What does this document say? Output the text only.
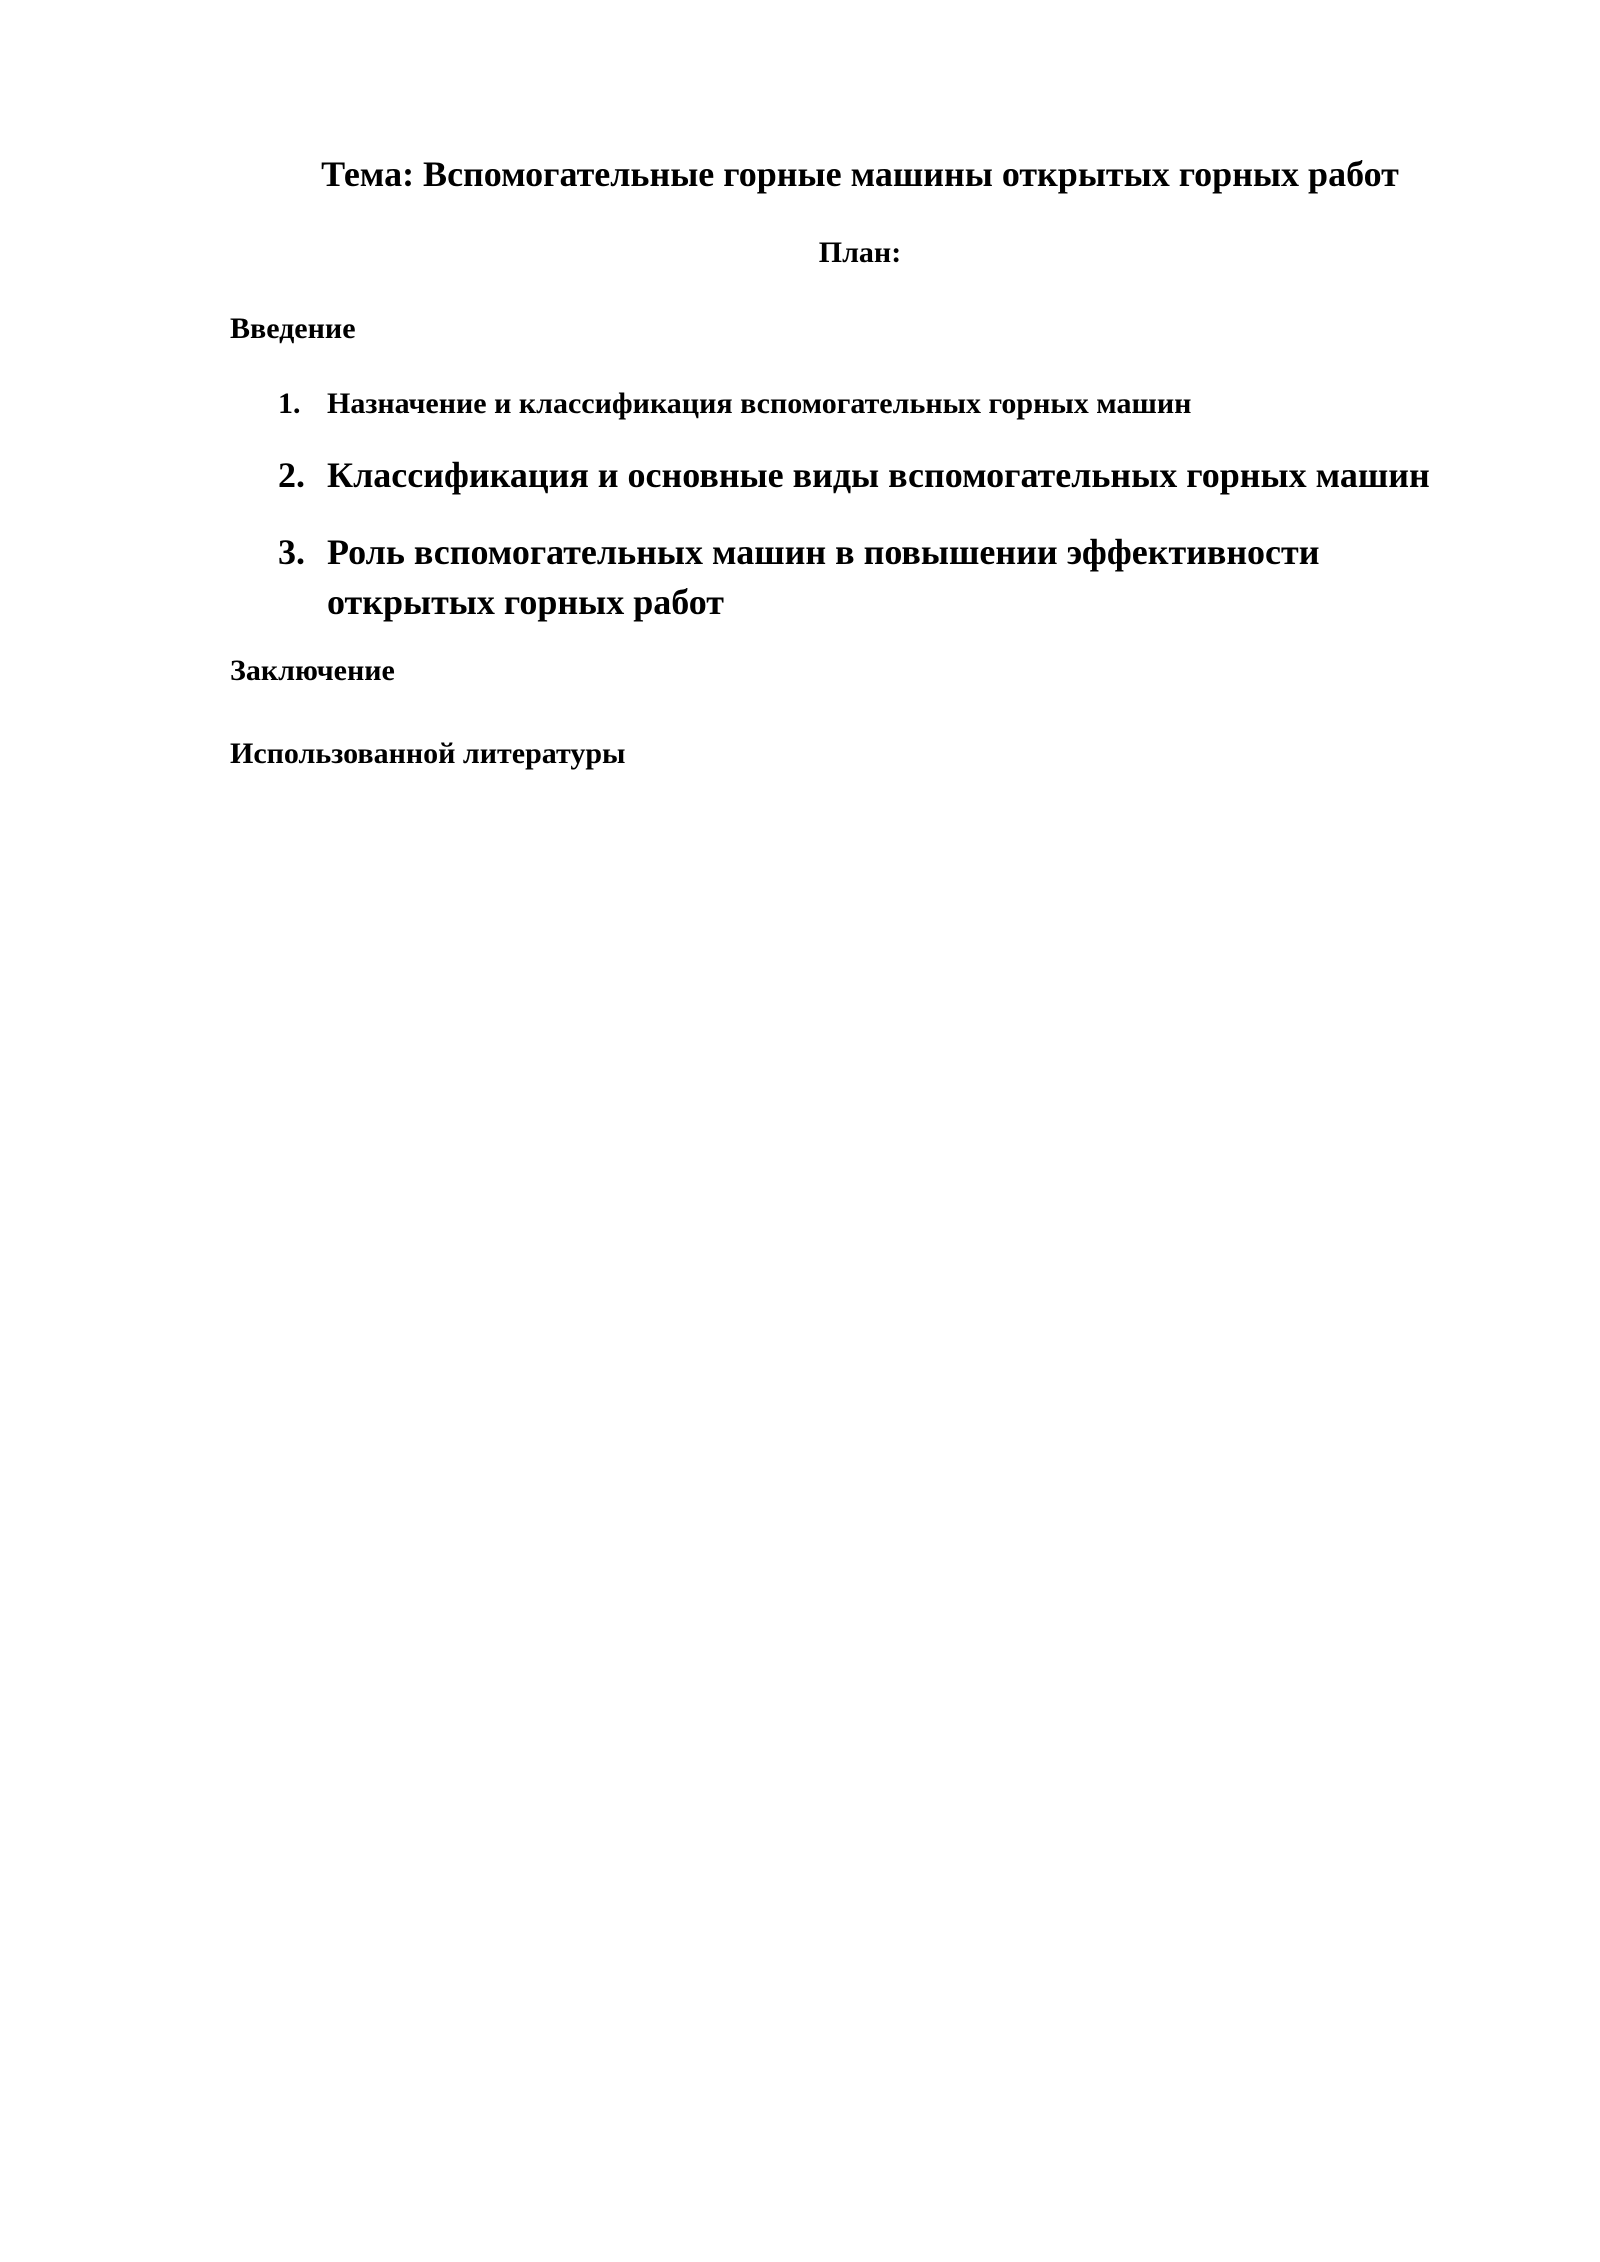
Тема: Вспомогательные горные машины открытых горных работ
План:

Введение

1. Назначение и классификация вспомогательных горных машин
2. Классификация и основные виды вспомогательных горных машин
3. Роль вспомогательных машин в повышении эффективности открытых горных работ

Заключение

Использованной литературы
